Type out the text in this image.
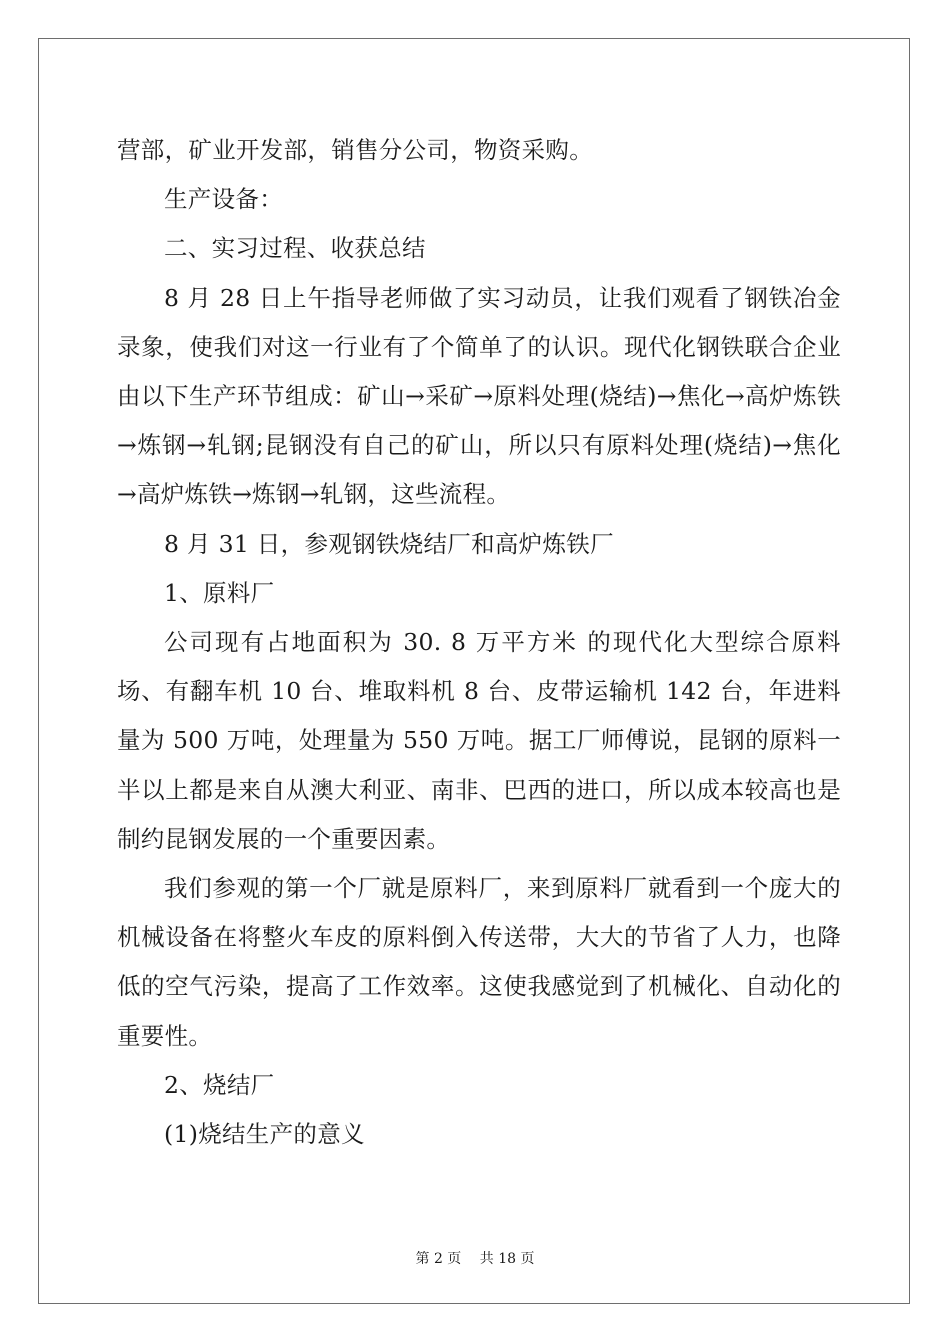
营部，矿业开发部，销售分公司，物资采购。

生产设备：

二、实习过程、收获总结

8 月 28 日上午指导老师做了实习动员，让我们观看了钢铁冶金录象，使我们对这一行业有了个简单了的认识。现代化钢铁联合企业由以下生产环节组成：矿山→采矿→原料处理(烧结)→焦化→高炉炼铁→炼钢→轧钢;昆钢没有自己的矿山，所以只有原料处理(烧结)→焦化→高炉炼铁→炼钢→轧钢，这些流程。

8 月 31 日，参观钢铁烧结厂和高炉炼铁厂

1、原料厂

公司现有占地面积为 30. 8 万平方米 的现代化大型综合原料场、有翻车机 10 台、堆取料机 8 台、皮带运输机 142 台，年进料量为 500 万吨，处理量为 550 万吨。据工厂师傅说，昆钢的原料一半以上都是来自从澳大利亚、南非、巴西的进口，所以成本较高也是制约昆钢发展的一个重要因素。

我们参观的第一个厂就是原料厂，来到原料厂就看到一个庞大的机械设备在将整火车皮的原料倒入传送带，大大的节省了人力，也降低的空气污染，提高了工作效率。这使我感觉到了机械化、自动化的重要性。

2、烧结厂

(1)烧结生产的意义

第 2 页　 共 18 页
